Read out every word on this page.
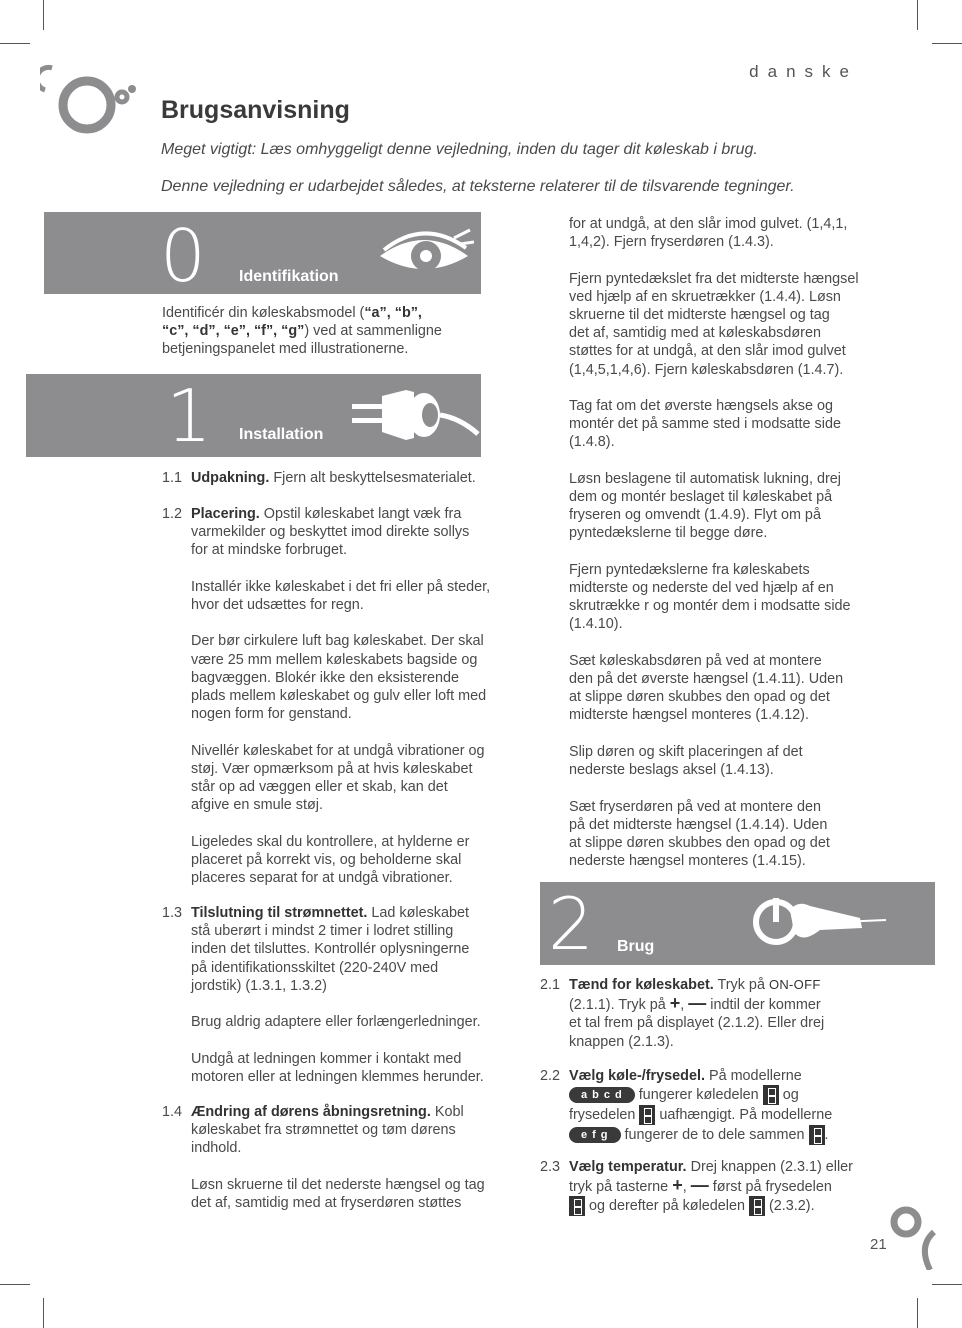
danske
Brugsanvisning

Meget vigtigt: Læs omhyggeligt denne vejledning, inden du tager dit køleskab i brug.

Denne vejledning er udarbejdet således, at teksterne relaterer til de tilsvarende tegninger.

0 Identifikation
Identificér din køleskabsmodel (“a”, “b”,
“c”, “d”, “e”, “f”, “g”) ved at sammenligne
betjeningspanelet med illustrationerne.
1 Installation
1.1 Udpakning. Fjern alt beskyttelsesmaterialet.
1.2 Placering. Opstil køleskabet langt væk fra
varmekilder og beskyttet imod direkte sollys
for at mindske forbruget.

Installér ikke køleskabet i det fri eller på steder,
hvor det udsættes for regn.

Der bør cirkulere luft bag køleskabet. Der skal
være 25 mm mellem køleskabets bagside og
bagvæggen. Blokér ikke den eksisterende
plads mellem køleskabet og gulv eller loft med
nogen form for genstand.

Nivellér køleskabet for at undgå vibrationer og
støj. Vær opmærksom på at hvis køleskabet
står op ad væggen eller et skab, kan det
afgive en smule støj.

Ligeledes skal du kontrollere, at hylderne er
placeret på korrekt vis, og beholderne skal
placeres separat for at undgå vibrationer.
1.3 Tilslutning til strømnettet. Lad køleskabet
stå uberørt i mindst 2 timer i lodret stilling
inden det tilsluttes. Kontrollér oplysningerne
på identifikationsskiltet (220-240V med
jordstik) (1.3.1, 1.3.2)

Brug aldrig adaptere eller forlængerledninger.

Undgå at ledningen kommer i kontakt med
motoren eller at ledningen klemmes herunder.
1.4 Ændring af dørens åbningsretning. Kobl
køleskabet fra strømnettet og tøm dørens
indhold.

Løsn skruerne til det nederste hængsel og tag
det af, samtidig med at fryserdøren støttes
for at undgå, at den slår imod gulvet. (1,4,1,
1,4,2). Fjern fryserdøren (1.4.3).

Fjern pyntedækslet fra det midterste hængsel
ved hjælp af en skruetrækker (1.4.4). Løsn
skruerne til det midterste hængsel og tag
det af, samtidig med at køleskabsdøren
støttes for at undgå, at den slår imod gulvet
(1,4,5,1,4,6). Fjern køleskabsdøren (1.4.7).

Tag fat om det øverste hængsels akse og
montér det på samme sted i modsatte side
(1.4.8).

Løsn beslagene til automatisk lukning, drej
dem og montér beslaget til køleskabet på
fryseren og omvendt (1.4.9). Flyt om på
pyntedækslerne til begge døre.

Fjern pyntedækslerne fra køleskabets
midterste og nederste del ved hjælp af en
skrutrække r og montér dem i modsatte side
(1.4.10).

Sæt køleskabsdøren på ved at montere
den på det øverste hængsel (1.4.11). Uden
at slippe døren skubbes den opad og det
midterste hængsel monteres (1.4.12).

Slip døren og skift placeringen af det
nederste beslags aksel (1.4.13).

Sæt fryserdøren på ved at montere den
på det midterste hængsel (1.4.14). Uden
at slippe døren skubbes den opad og det
nederste hængsel monteres (1.4.15).
2 Brug
2.1 Tænd for køleskabet. Tryk på ON-OFF
(2.1.1). Tryk på +, — indtil der kommer
et tal frem på displayet (2.1.2). Eller drej
knappen (2.1.3).
2.2 Vælg køle-/frysedel. På modellerne
abcd fungerer køledelen og
frysedelen uafhængigt. På modellerne
efg fungerer de to dele sammen .
2.3 Vælg temperatur. Drej knappen (2.3.1) eller
tryk på tasterne +, — først på frysedelen
og derefter på køledelen (2.3.2).
21
